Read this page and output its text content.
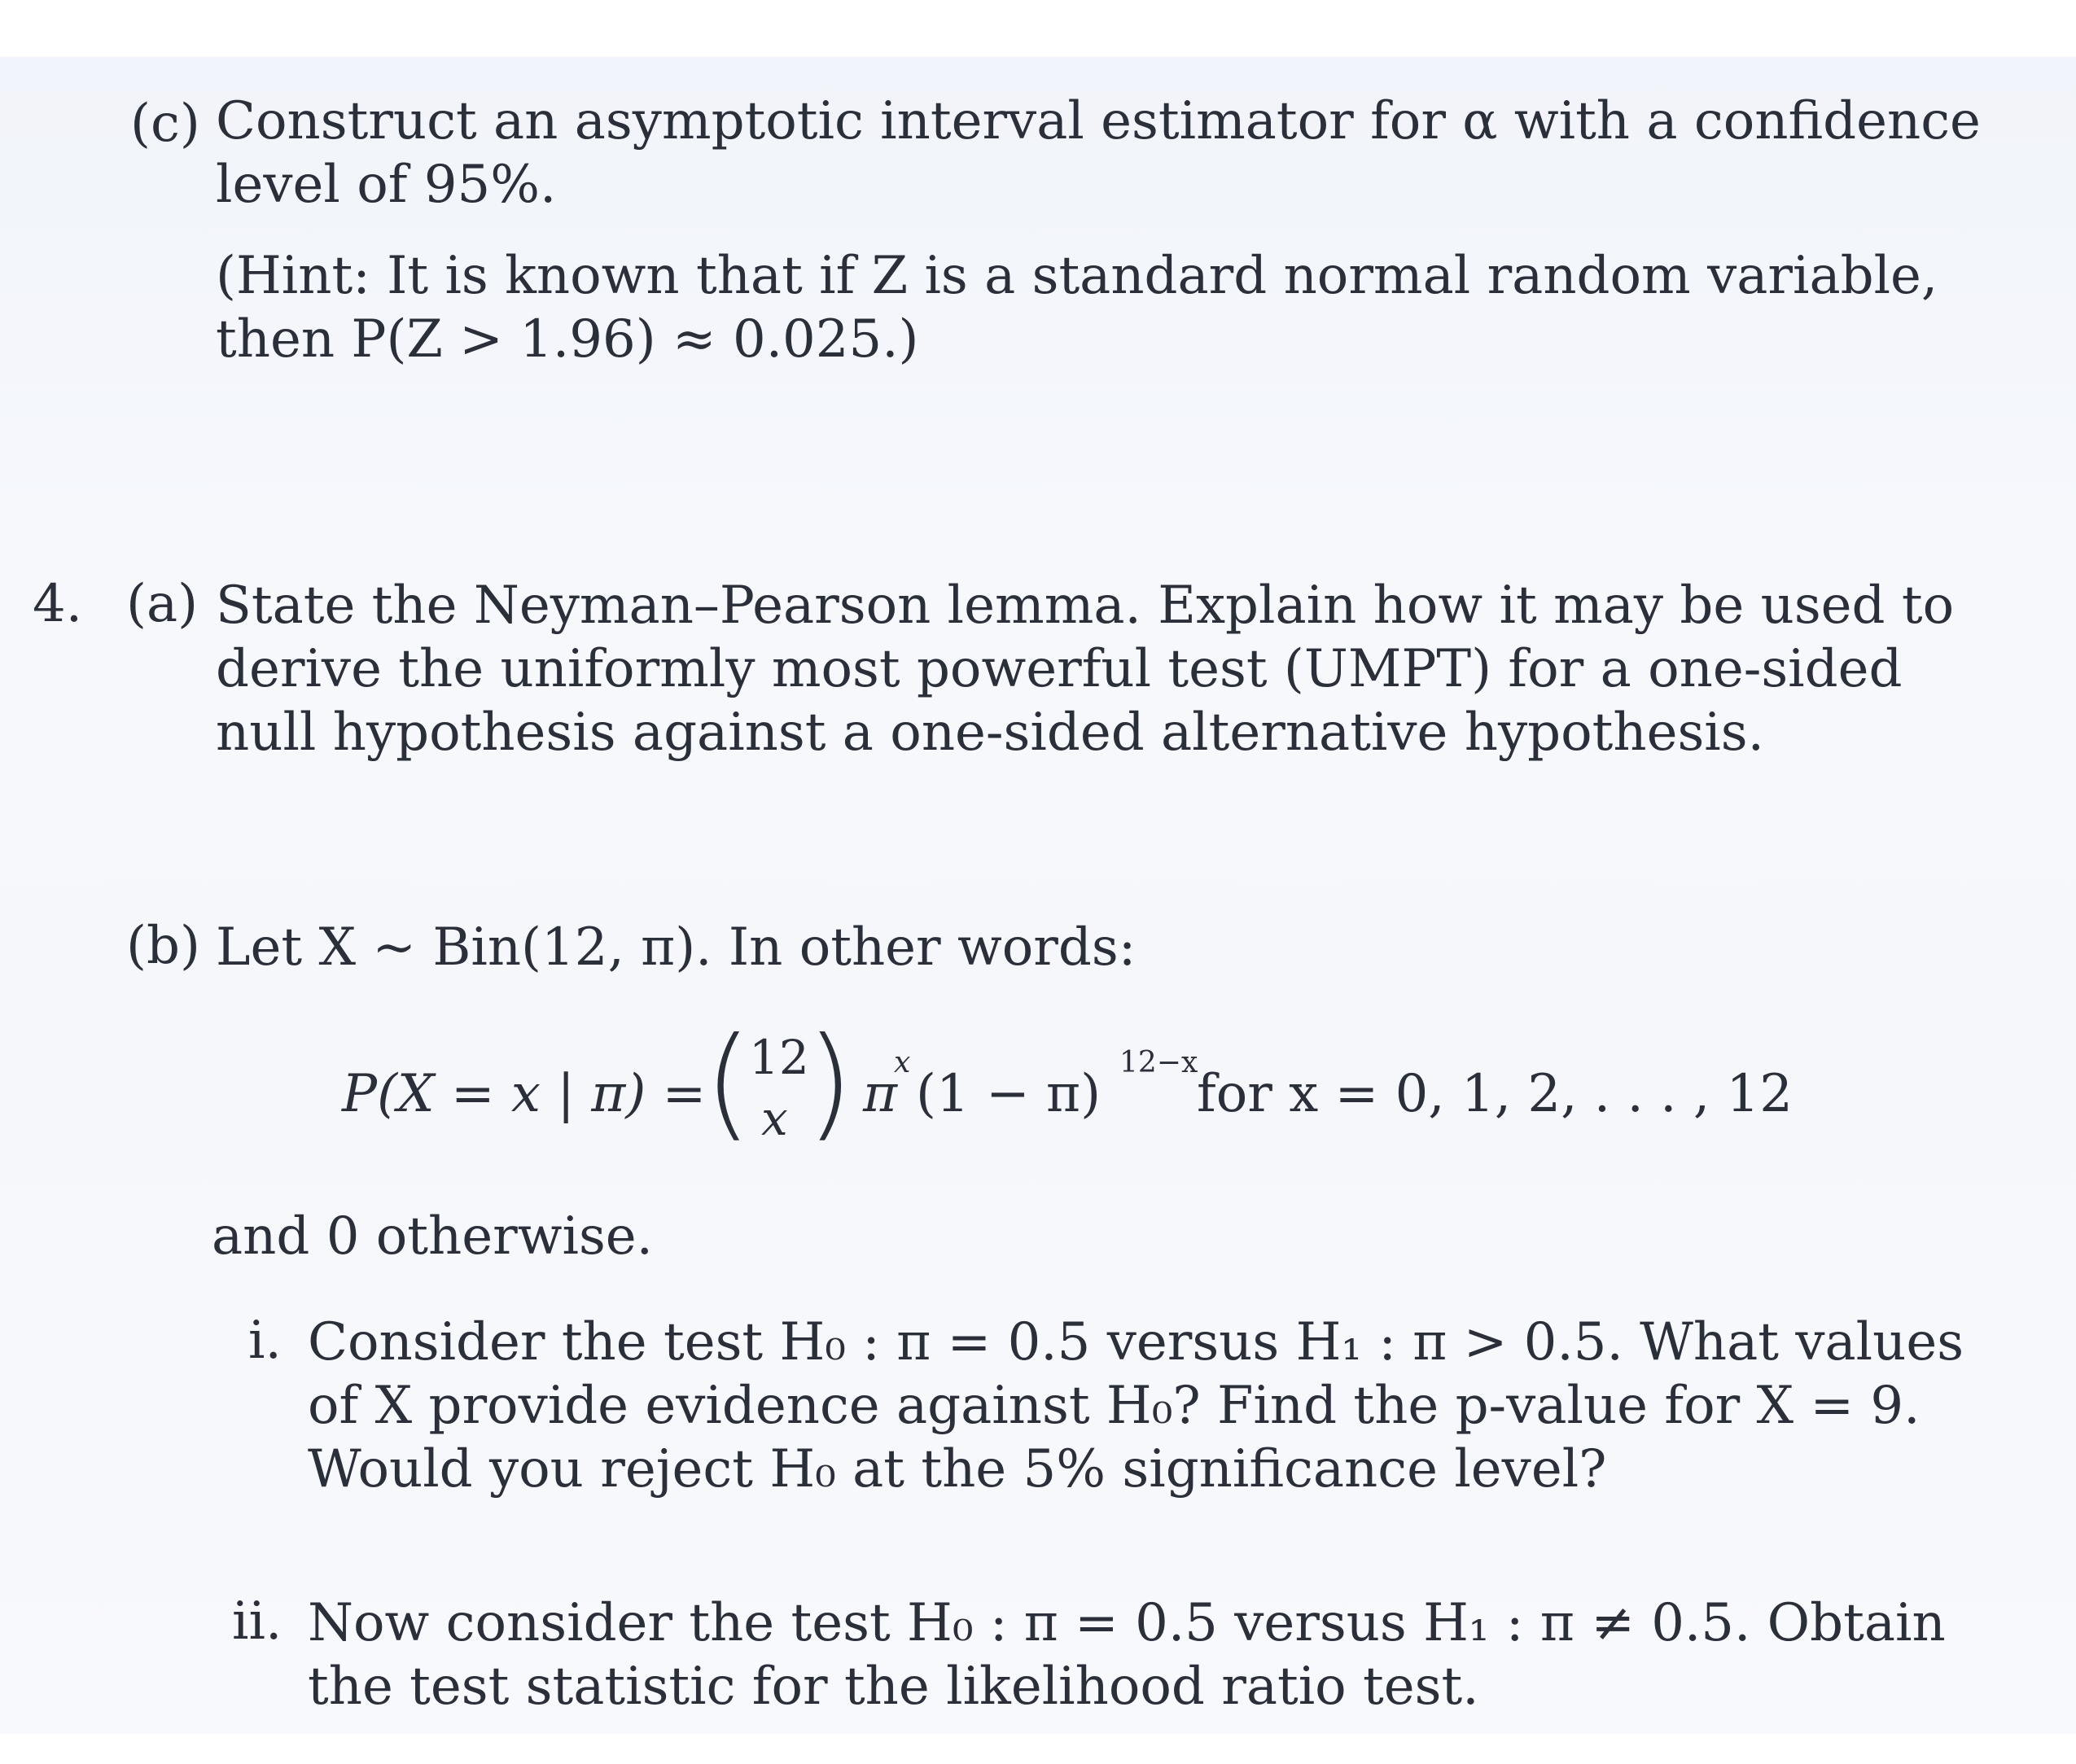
(c) Construct an asymptotic interval estimator for α with a confidence level of 95%.
(Hint: It is known that if Z is a standard normal random variable, then P(Z > 1.96) ≈ 0.025.)
4. (a) State the Neyman–Pearson lemma. Explain how it may be used to derive the uniformly most powerful test (UMPT) for a one-sided null hypothesis against a one-sided alternative hypothesis.
(b) Let X ~ Bin(12, π). In other words:
P(X = x | π) =
(
12
x ) π
x
(1 − π)
12−x
for x = 0, 1, 2, . . . , 12
and 0 otherwise.
i. Consider the test H₀ : π = 0.5 versus H₁ : π > 0.5. What values of X provide evidence against H₀? Find the p-value for X = 9. Would you reject H₀ at the 5% significance level?
ii. Now consider the test H₀ : π = 0.5 versus H₁ : π ≠ 0.5. Obtain the test statistic for the likelihood ratio test.
